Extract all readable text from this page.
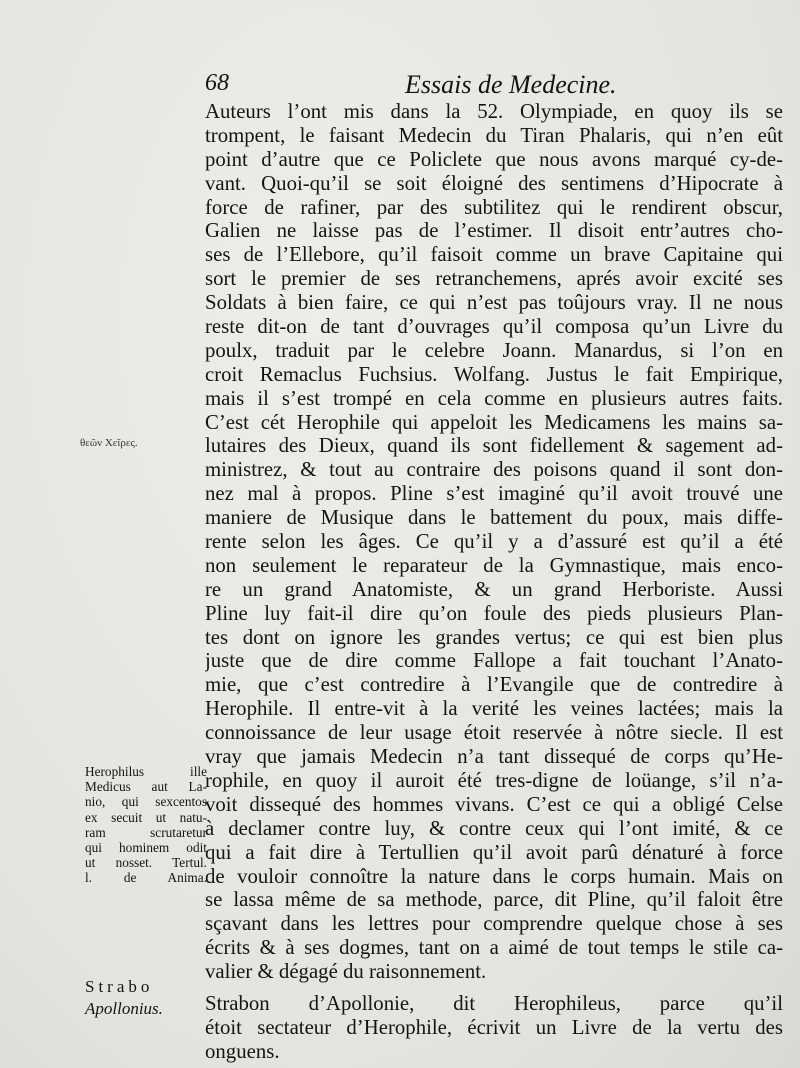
68	Essais de Medecine.
Auteurs l’ont mis dans la 52. Olympiade, en quoy ils se
trompent, le faisant Medecin du Tiran Phalaris, qui n’en eût
point d’autre que ce Policlete que nous avons marqué cy-de-
vant. Quoi-qu’il se soit éloigné des sentimens d’Hipocrate à
force de rafiner, par des subtilitez qui le rendirent obscur,
Galien ne laisse pas de l’estimer. Il disoit entr’autres cho-
ses de l’Ellebore, qu’il faisoit comme un brave Capitaine qui
sort le premier de ses retranchemens, aprés avoir excité ses
Soldats à bien faire, ce qui n’est pas toûjours vray. Il ne nous
reste dit-on de tant d’ouvrages qu’il composa qu’un Livre du
poulx, traduit par le celebre Joann. Manardus, si l’on en
croit Remaclus Fuchsius. Wolfang. Justus le fait Empirique,
mais il s’est trompé en cela comme en plusieurs autres faits.
C’est cét Herophile qui appeloit les Medicamens les mains sa-
lutaires des Dieux, quand ils sont fidellement & sagement ad-
ministrez, & tout au contraire des poisons quand il sont don-
nez mal à propos. Pline s’est imaginé qu’il avoit trouvé une
maniere de Musique dans le battement du poux, mais diffe-
rente selon les âges. Ce qu’il y a d’assuré est qu’il a été
non seulement le reparateur de la Gymnastique, mais enco-
re un grand Anatomiste, & un grand Herboriste. Aussi
Pline luy fait-il dire qu’on foule des pieds plusieurs Plan-
tes dont on ignore les grandes vertus; ce qui est bien plus
juste que de dire comme Fallope a fait touchant l’Anato-
mie, que c’est contredire à l’Evangile que de contredire à
Herophile. Il entre-vit à la verité les veines lactées; mais la
connoissance de leur usage étoit reservée à nôtre siecle. Il est
vray que jamais Medecin n’a tant dissequé de corps qu’He-
rophile, en quoy il auroit été tres-digne de loüange, s’il n’a-
voit dissequé des hommes vivans. C’est ce qui a obligé Celse
à declamer contre luy, & contre ceux qui l’ont imité, & ce
qui a fait dire à Tertullien qu’il avoit parû dénaturé à force
de vouloir connoître la nature dans le corps humain. Mais on
se lassa même de sa methode, parce, dit Pline, qu’il faloit être
sçavant dans les lettres pour comprendre quelque chose à ses
écrits & à ses dogmes, tant on a aimé de tout temps le stile ca-
valier & dégagé du raisonnement.
Strabon d’Apollonie, dit Herophileus, parce qu’il
étoit sectateur d’Herophile, écrivit un Livre de la vertu des
onguens.
θεῶν Χεῖρες.
Herophilus ille
Medicus aut La-
nio, qui sexcentos
ex secuit ut natu-
ram scrutaretur
qui hominem odit
ut nosset. Tertul.
l. de Anima.
Strabo
Apollonius.
